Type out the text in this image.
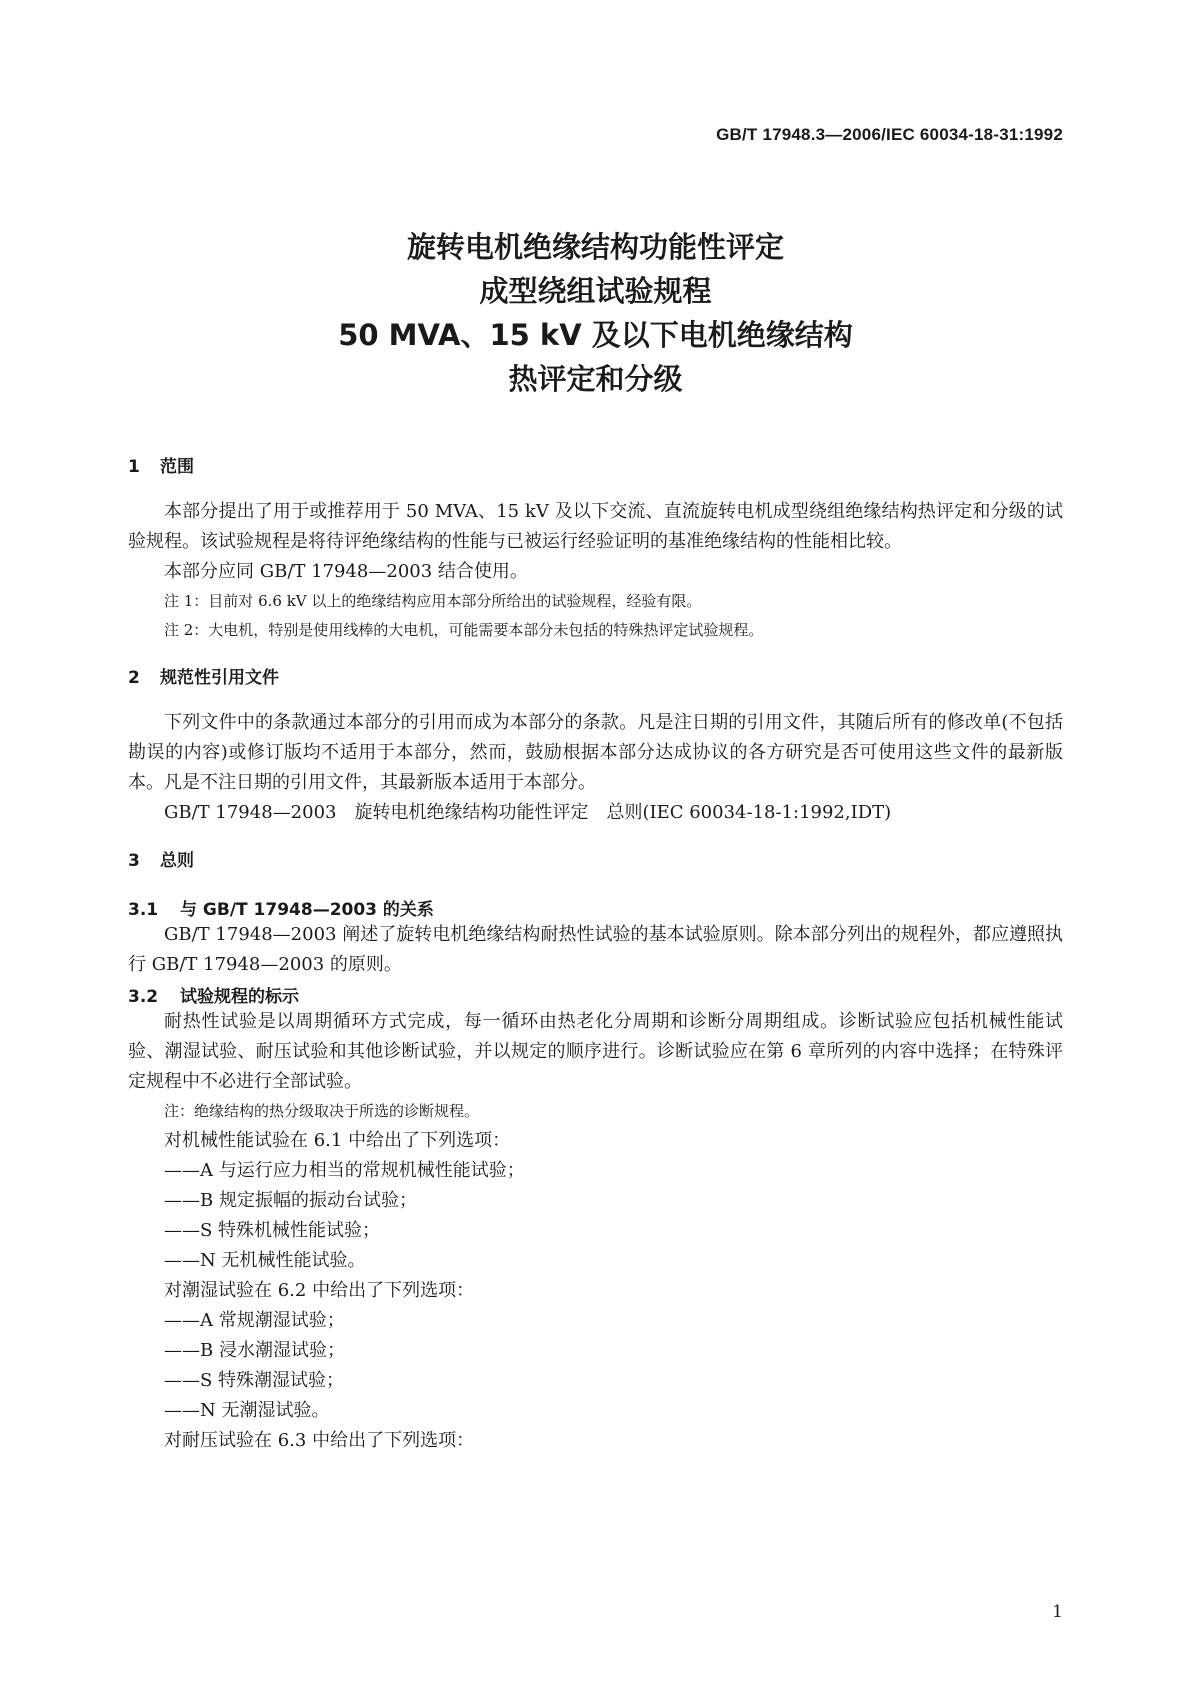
GB/T 17948.3—2006/IEC 60034-18-31:1992
旋转电机绝缘结构功能性评定
成型绕组试验规程
50 MVA、15 kV 及以下电机绝缘结构
热评定和分级
1 范围

本部分提出了用于或推荐用于 50 MVA、15 kV 及以下交流、直流旋转电机成型绕组绝缘结构热评定和分级的试验规程。该试验规程是将待评绝缘结构的性能与已被运行经验证明的基准绝缘结构的性能相比较。

本部分应同 GB/T 17948—2003 结合使用。

注 1：目前对 6.6 kV 以上的绝缘结构应用本部分所给出的试验规程，经验有限。

注 2：大电机，特别是使用线棒的大电机，可能需要本部分未包括的特殊热评定试验规程。

2 规范性引用文件

下列文件中的条款通过本部分的引用而成为本部分的条款。凡是注日期的引用文件，其随后所有的修改单(不包括勘误的内容)或修订版均不适用于本部分，然而，鼓励根据本部分达成协议的各方研究是否可使用这些文件的最新版本。凡是不注日期的引用文件，其最新版本适用于本部分。

GB/T 17948—2003　旋转电机绝缘结构功能性评定　总则(IEC 60034-18-1:1992,IDT)

3 总则
3.1 与 GB/T 17948—2003 的关系

GB/T 17948—2003 阐述了旋转电机绝缘结构耐热性试验的基本试验原则。除本部分列出的规程外，都应遵照执行 GB/T 17948—2003 的原则。

3.2 试验规程的标示

耐热性试验是以周期循环方式完成，每一循环由热老化分周期和诊断分周期组成。诊断试验应包括机械性能试验、潮湿试验、耐压试验和其他诊断试验，并以规定的顺序进行。诊断试验应在第 6 章所列的内容中选择；在特殊评定规程中不必进行全部试验。

注：绝缘结构的热分级取决于所选的诊断规程。

对机械性能试验在 6.1 中给出了下列选项：

——A 与运行应力相当的常规机械性能试验；

——B 规定振幅的振动台试验；

——S 特殊机械性能试验；

——N 无机械性能试验。

对潮湿试验在 6.2 中给出了下列选项：

——A 常规潮湿试验；

——B 浸水潮湿试验；

——S 特殊潮湿试验；

——N 无潮湿试验。

对耐压试验在 6.3 中给出了下列选项：

1
